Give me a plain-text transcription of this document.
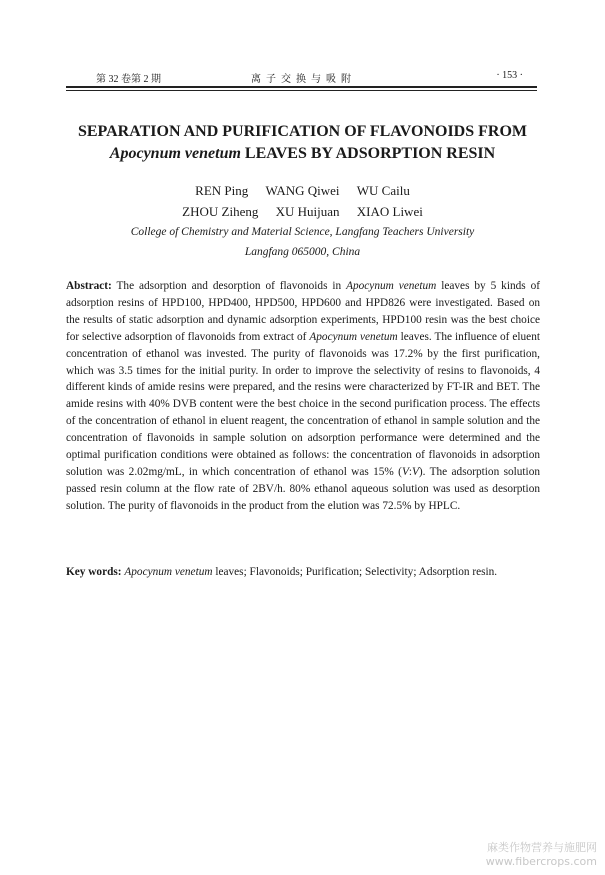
第 32 卷第 2 期	离子交换与吸附	· 153 ·
SEPARATION AND PURIFICATION OF FLAVONOIDS FROM
Apocynum venetum LEAVES BY ADSORPTION RESIN
REN Ping WANG Qiwei WU Cailu
ZHOU Ziheng XU Huijuan XIAO Liwei
College of Chemistry and Material Science, Langfang Teachers University
Langfang 065000, China

Abstract: The adsorption and desorption of flavonoids in Apocynum venetum leaves by 5 kinds of adsorption resins of HPD100, HPD400, HPD500, HPD600 and HPD826 were investigated. Based on the results of static adsorption and dynamic adsorption experiments, HPD100 resin was the best choice for selective adsorption of flavonoids from extract of Apocynum venetum leaves. The influence of eluent concentration of ethanol was invested. The purity of flavonoids was 17.2% by the first purification, which was 3.5 times for the initial purity. In order to improve the selectivity of resins to flavonoids, 4 different kinds of amide resins were prepared, and the resins were characterized by FT-IR and BET. The amide resins with 40% DVB content were the best choice in the second purification process. The effects of the concentration of ethanol in eluent reagent, the concentration of ethanol in sample solution and the concentration of flavonoids in sample solution on adsorption performance were determined and the optimal purification conditions were obtained as follows: the concentration of flavonoids in adsorption solution was 2.02mg/mL, in which concentration of ethanol was 15% (V:V). The adsorption solution passed resin column at the flow rate of 2BV/h. 80% ethanol aqueous solution was used as desorption solution. The purity of flavonoids in the product from the elution was 72.5% by HPLC.

Key words: Apocynum venetum leaves; Flavonoids; Purification; Selectivity; Adsorption resin.

麻类作物营养与施肥网
www.fibercrops.com
